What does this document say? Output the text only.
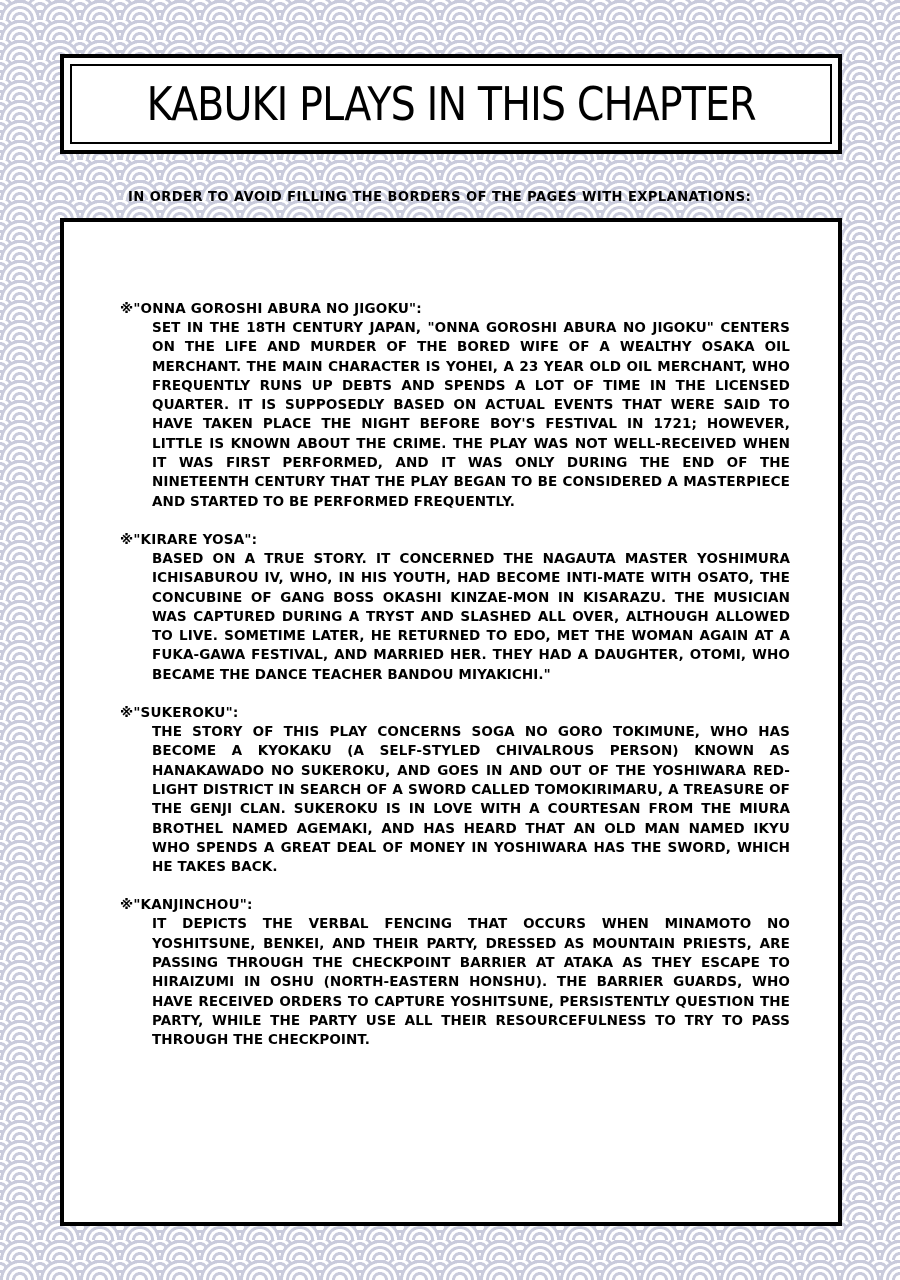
KABUKI PLAYS IN THIS CHAPTER
IN ORDER TO AVOID FILLING THE BORDERS OF THE PAGES WITH EXPLANATIONS:
※"ONNA GOROSHI ABURA NO JIGOKU":
SET IN THE 18TH CENTURY JAPAN, "ONNA GOROSHI ABURA NO JIGOKU" CENTERS ON THE LIFE AND MURDER OF THE BORED WIFE OF A WEALTHY OSAKA OIL MERCHANT. THE MAIN CHARACTER IS YOHEI, A 23 YEAR OLD OIL MERCHANT, WHO FREQUENTLY RUNS UP DEBTS AND SPENDS A LOT OF TIME IN THE LICENSED QUARTER. IT IS SUPPOSEDLY BASED ON ACTUAL EVENTS THAT WERE SAID TO HAVE TAKEN PLACE THE NIGHT BEFORE BOY'S FESTIVAL IN 1721; HOWEVER, LITTLE IS KNOWN ABOUT THE CRIME. THE PLAY WAS NOT WELL-RECEIVED WHEN IT WAS FIRST PERFORMED, AND IT WAS ONLY DURING THE END OF THE NINETEENTH CENTURY THAT THE PLAY BEGAN TO BE CONSIDERED A MASTERPIECE AND STARTED TO BE PERFORMED FREQUENTLY.
※"KIRARE YOSA":
BASED ON A TRUE STORY. IT CONCERNED THE NAGAUTA MASTER YOSHIMURA ICHISABUROU IV, WHO, IN HIS YOUTH, HAD BECOME INTI-MATE WITH OSATO, THE CONCUBINE OF GANG BOSS OKASHI KINZAE-MON IN KISARAZU. THE MUSICIAN WAS CAPTURED DURING A TRYST AND SLASHED ALL OVER, ALTHOUGH ALLOWED TO LIVE. SOMETIME LATER, HE RETURNED TO EDO, MET THE WOMAN AGAIN AT A FUKA-GAWA FESTIVAL, AND MARRIED HER. THEY HAD A DAUGHTER, OTOMI, WHO BECAME THE DANCE TEACHER BANDOU MIYAKICHI."
※"SUKEROKU":
THE STORY OF THIS PLAY CONCERNS SOGA NO GORO TOKIMUNE, WHO HAS BECOME A KYOKAKU (A SELF-STYLED CHIVALROUS PERSON) KNOWN AS HANAKAWADO NO SUKEROKU, AND GOES IN AND OUT OF THE YOSHIWARA RED-LIGHT DISTRICT IN SEARCH OF A SWORD CALLED TOMOKIRIMARU, A TREASURE OF THE GENJI CLAN. SUKEROKU IS IN LOVE WITH A COURTESAN FROM THE MIURA BROTHEL NAMED AGEMAKI, AND HAS HEARD THAT AN OLD MAN NAMED IKYU WHO SPENDS A GREAT DEAL OF MONEY IN YOSHIWARA HAS THE SWORD, WHICH HE TAKES BACK.
※"KANJINCHOU":
IT DEPICTS THE VERBAL FENCING THAT OCCURS WHEN MINAMOTO NO YOSHITSUNE, BENKEI, AND THEIR PARTY, DRESSED AS MOUNTAIN PRIESTS, ARE PASSING THROUGH THE CHECKPOINT BARRIER AT ATAKA AS THEY ESCAPE TO HIRAIZUMI IN OSHU (NORTH-EASTERN HONSHU). THE BARRIER GUARDS, WHO HAVE RECEIVED ORDERS TO CAPTURE YOSHITSUNE, PERSISTENTLY QUESTION THE PARTY, WHILE THE PARTY USE ALL THEIR RESOURCEFULNESS TO TRY TO PASS THROUGH THE CHECKPOINT.
